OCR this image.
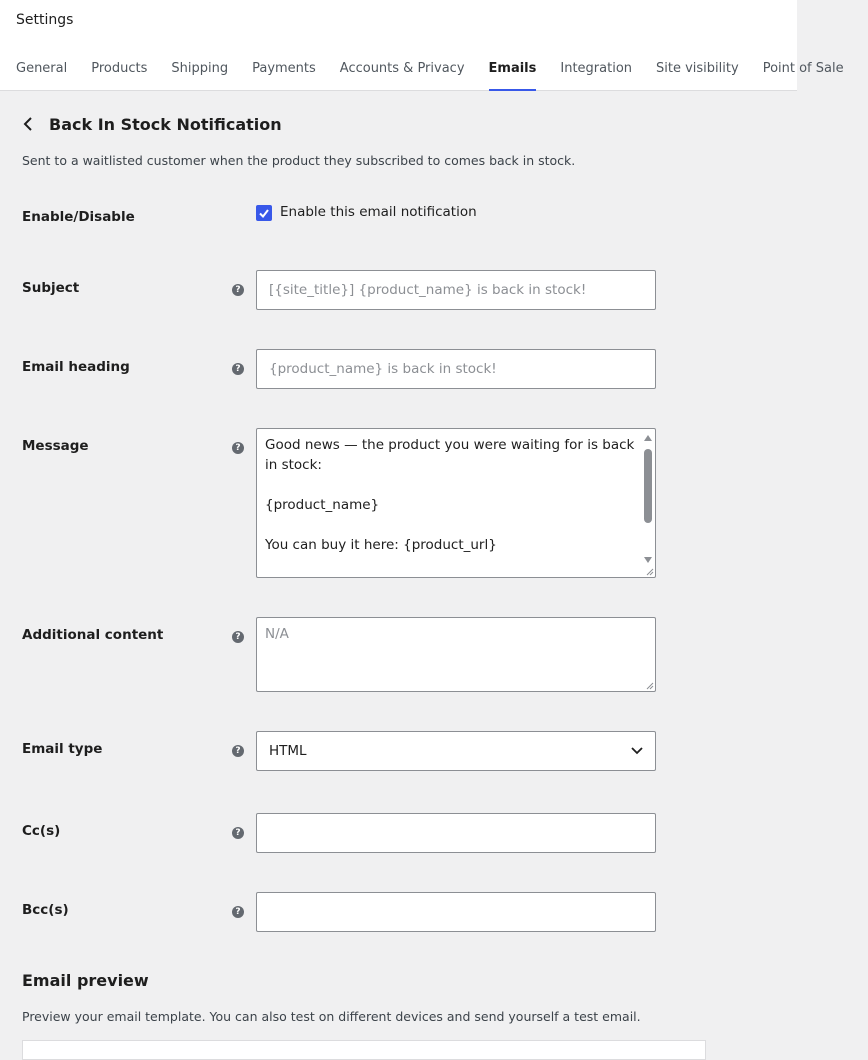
Settings
General Products Shipping Payments Accounts & Privacy Emails Integration Site visibility Point of Sale
Back In Stock Notification
Sent to a waitlisted customer when the product they subscribed to comes back in stock.
Enable/Disable	Enable this email notification
Subject	?	[{site_title}] {product_name} is back in stock!
Email heading	?	{product_name} is back in stock!
Message	? Good news — the product you were waiting for is back in stock:

{product_name}

You can buy it here: {product_url}
Additional content	? N/A
Email type	? HTML
Cc(s)	?
Bcc(s)	?
Email preview
Preview your email template. You can also test on different devices and send yourself a test email.
